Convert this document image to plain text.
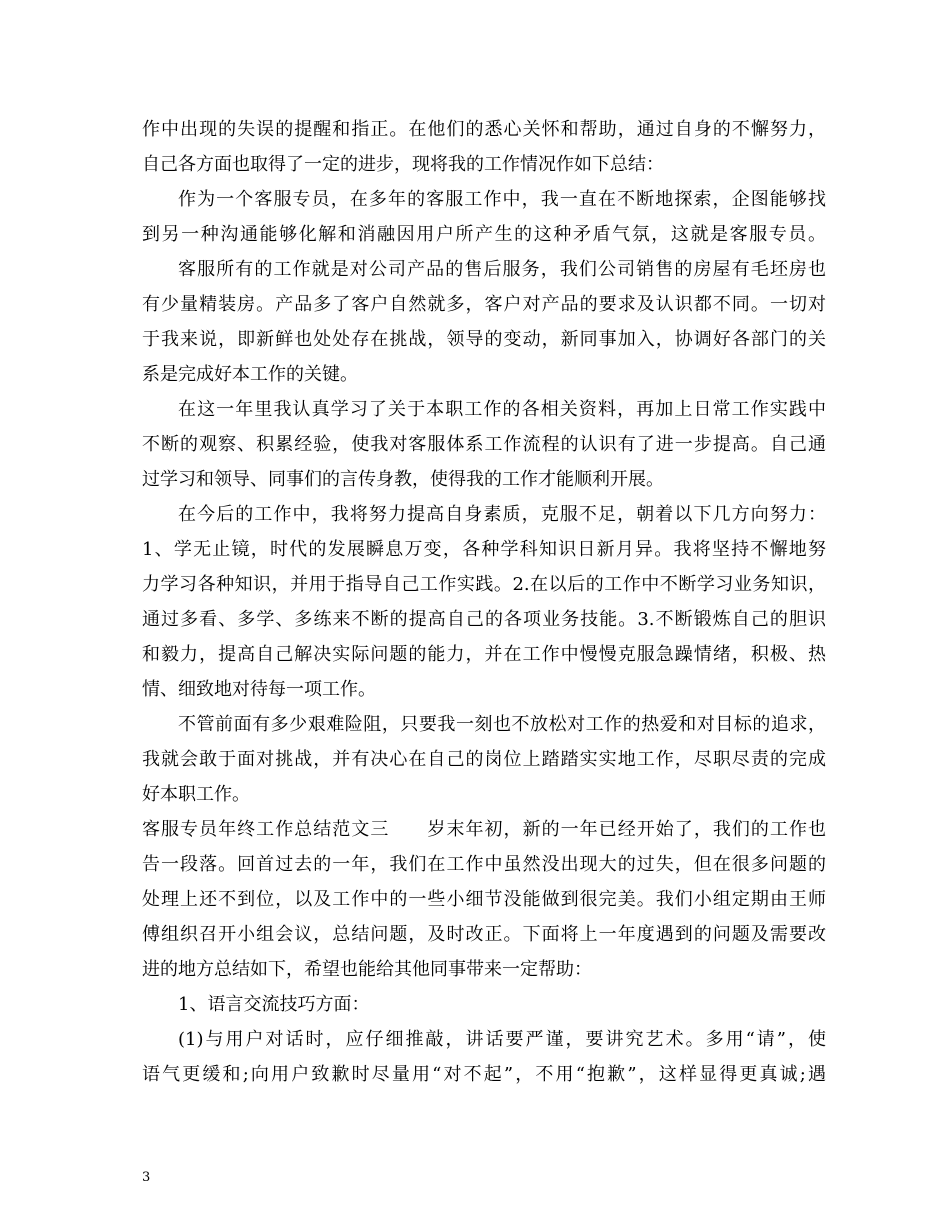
作中出现的失误的提醒和指正。在他们的悉心关怀和帮助，通过自身的不懈努力，
自己各方面也取得了一定的进步，现将我的工作情况作如下总结：
作为一个客服专员，在多年的客服工作中，我一直在不断地探索，企图能够找
到另一种沟通能够化解和消融因用户所产生的这种矛盾气氛，这就是客服专员。
客服所有的工作就是对公司产品的售后服务，我们公司销售的房屋有毛坯房也
有少量精装房。产品多了客户自然就多，客户对产品的要求及认识都不同。一切对
于我来说，即新鲜也处处存在挑战，领导的变动，新同事加入，协调好各部门的关
系是完成好本工作的关键。
在这一年里我认真学习了关于本职工作的各相关资料，再加上日常工作实践中
不断的观察、积累经验，使我对客服体系工作流程的认识有了进一步提高。自己通
过学习和领导、同事们的言传身教，使得我的工作才能顺利开展。
在今后的工作中，我将努力提高自身素质，克服不足，朝着以下几方向努力：
1、学无止镜，时代的发展瞬息万变，各种学科知识日新月异。我将坚持不懈地努
力学习各种知识，并用于指导自己工作实践。2.在以后的工作中不断学习业务知识，
通过多看、多学、多练来不断的提高自己的各项业务技能。3.不断锻炼自己的胆识
和毅力，提高自己解决实际问题的能力，并在工作中慢慢克服急躁情绪，积极、热
情、细致地对待每一项工作。
不管前面有多少艰难险阻，只要我一刻也不放松对工作的热爱和对目标的追求，
我就会敢于面对挑战，并有决心在自己的岗位上踏踏实实地工作，尽职尽责的完成
好本职工作。
客服专员年终工作总结范文三　　岁末年初，新的一年已经开始了，我们的工作也
告一段落。回首过去的一年，我们在工作中虽然没出现大的过失，但在很多问题的
处理上还不到位，以及工作中的一些小细节没能做到很完美。我们小组定期由王师
傅组织召开小组会议，总结问题，及时改正。下面将上一年度遇到的问题及需要改
进的地方总结如下，希望也能给其他同事带来一定帮助：
1、语言交流技巧方面：
(1)与用户对话时，应仔细推敲，讲话要严谨，要讲究艺术。多用“请”，使
语气更缓和;向用户致歉时尽量用“对不起”，不用“抱歉”，这样显得更真诚;遇
3
